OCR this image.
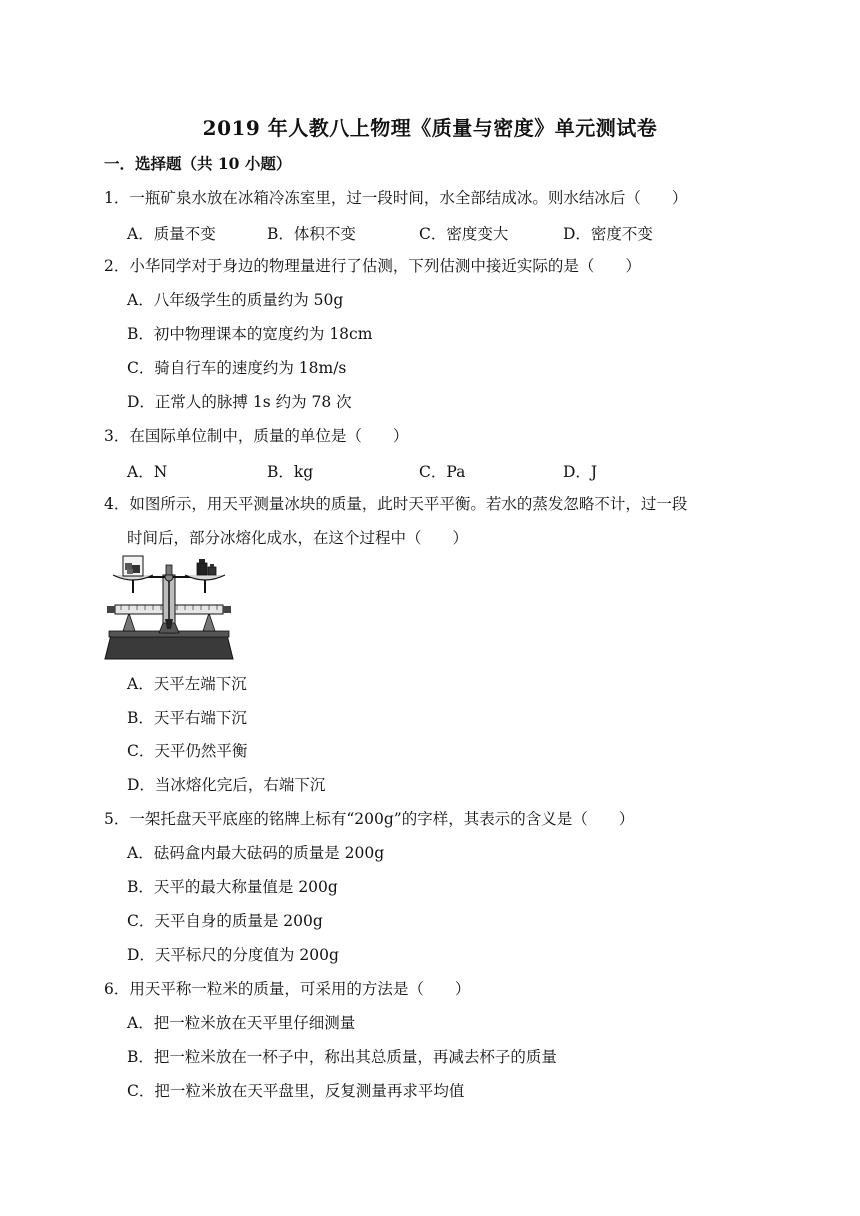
2019 年人教八上物理《质量与密度》单元测试卷
一．选择题（共 10 小题）
1．一瓶矿泉水放在冰箱冷冻室里，过一段时间，水全部结成冰。则水结冰后（　　）
A．质量不变	B．体积不变	C．密度变大	D．密度不变
2．小华同学对于身边的物理量进行了估测，下列估测中接近实际的是（　　）
A．八年级学生的质量约为 50g
B．初中物理课本的宽度约为 18cm
C．骑自行车的速度约为 18m/s
D．正常人的脉搏 1s 约为 78 次
3．在国际单位制中，质量的单位是（　　）
A．N	B．kg	C．Pa	D．J
4．如图所示，用天平测量冰块的质量，此时天平平衡。若水的蒸发忽略不计，过一段
时间后，部分冰熔化成水，在这个过程中（　　）
A．天平左端下沉
B．天平右端下沉
C．天平仍然平衡
D．当冰熔化完后，右端下沉
5．一架托盘天平底座的铭牌上标有“200g”的字样，其表示的含义是（　　）
A．砝码盒内最大砝码的质量是 200g
B．天平的最大称量值是 200g
C．天平自身的质量是 200g
D．天平标尺的分度值为 200g
6．用天平称一粒米的质量，可采用的方法是（　　）
A．把一粒米放在天平里仔细测量
B．把一粒米放在一杯子中，称出其总质量，再减去杯子的质量
C．把一粒米放在天平盘里，反复测量再求平均值
